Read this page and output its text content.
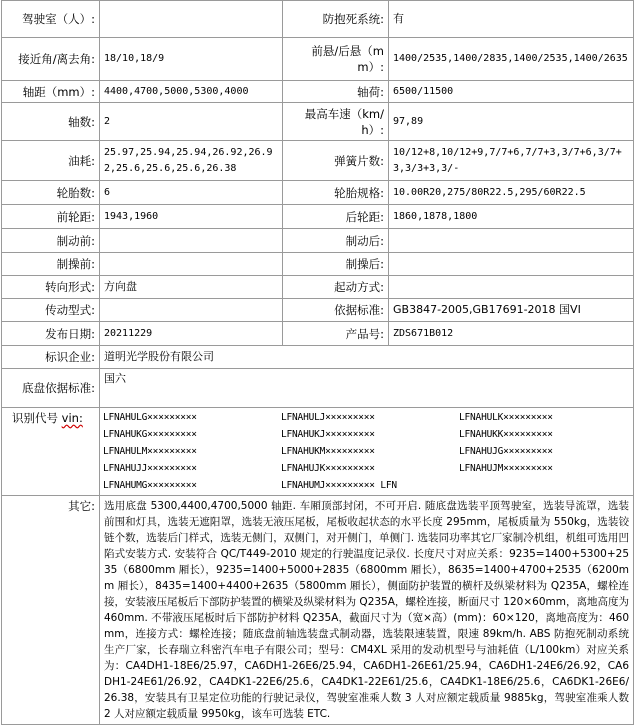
驾驶室（人）:		防抱死系统:	有
接近角/离去角:	18/10,18/9	前悬/后悬（mm）:	1400/2535,1400/2835,1400/2535,1400/2635
轴距（mm）:	4400,4700,5000,5300,4000	轴荷:	6500/11500
轴数:	2	最高车速（km/h）:	97,89
油耗:	25.97,25.94,25.94,26.92,26.92,25.6,25.6,25.6,26.38	弹簧片数:	10/12+8,10/12+9,7/7+6,7/7+3,3/7+6,3/7+3,3/3+3,3/-
轮胎数:	6	轮胎规格:	10.00R20,275/80R22.5,295/60R22.5
前轮距:	1943,1960	后轮距:	1860,1878,1800
制动前:		制动后:	
制操前:		制操后:	
转向形式:	方向盘	起动方式:	
传动型式:		依据标准:	GB3847-2005,GB17691-2018 国VI
发布日期:	20211229	产品号:	ZDS671B012
标识企业:	道明光学股份有限公司		
底盘依据标准:	国六		
识别代号 vin:	LFNAHULG××××××××× LFNAHULJ××××××××× LFNAHULK×××××××××
LFNAHUKG××××××××× LFNAHUKJ××××××××× LFNAHUKK×××××××××
LFNAHULM××××××××× LFNAHUKM××××××××× LFNAHUJG×××××××××
LFNAHUJJ××××××××× LFNAHUJK××××××××× LFNAHUJM×××××××××
LFNAHUMG××××××××× LFNAHUMJ××××××××× LFN		

其它:	选用底盘 5300,4400,4700,5000 轴距. 车厢顶部封闭，不可开启. 随底盘选装平顶驾驶室，选装导流罩，选装前围和灯具，选装无遮阳罩，选装无液压尾板，尾板收起状态的水平长度 295mm，尾板质量为 550kg，选装铰链个数，选装后门样式，选装无侧门，双侧门，对开侧门，单侧门. 选装同功率其它厂家制冷机组，机组可选用凹陷式安装方式. 安装符合 QC/T449-2010 规定的行驶温度记录仪. 长度尺寸对应关系：9235=1400+5300+2535（6800mm 厢长），9235=1400+5000+2835（6800mm 厢长），8635=1400+4700+2535（6200mm 厢长），8435=1400+4400+2635（5800mm 厢长），侧面防护装置的横杆及纵梁材料为 Q235A，螺栓连接，安装液压尾板后下部防护装置的横梁及纵梁材料为 Q235A，螺栓连接，断面尺寸 120×60mm，离地高度为 460mm. 不带液压尾板时后下部防护材料 Q235A，截面尺寸为（宽×高）(mm)：60×120，离地高度为：460mm，连接方式：螺栓连接；随底盘前轴选装盘式制动器，选装限速装置，限速 89km/h. ABS 防抱死制动系统生产厂家，长春瑞立科密汽车电子有限公司；型号：CM4XL 采用的发动机型号与油耗值（L/100km）对应关系为：CA4DH1-18E6/25.97，CA6DH1-26E6/25.94，CA6DH1-26E61/25.94，CA6DH1-24E6/26.92，CA6DH1-24E61/26.92，CA4DK1-22E6/25.6，CA4DK1-22E61/25.6，CA4DK1-18E6/25.6，CA6DK1-26E6/26.38，安装具有卫星定位功能的行驶记录仪，驾驶室准乘人数 3 人对应额定载质量 9885kg，驾驶室准乘人数 2 人对应额定载质量 9950kg，该车可选装 ETC.		
